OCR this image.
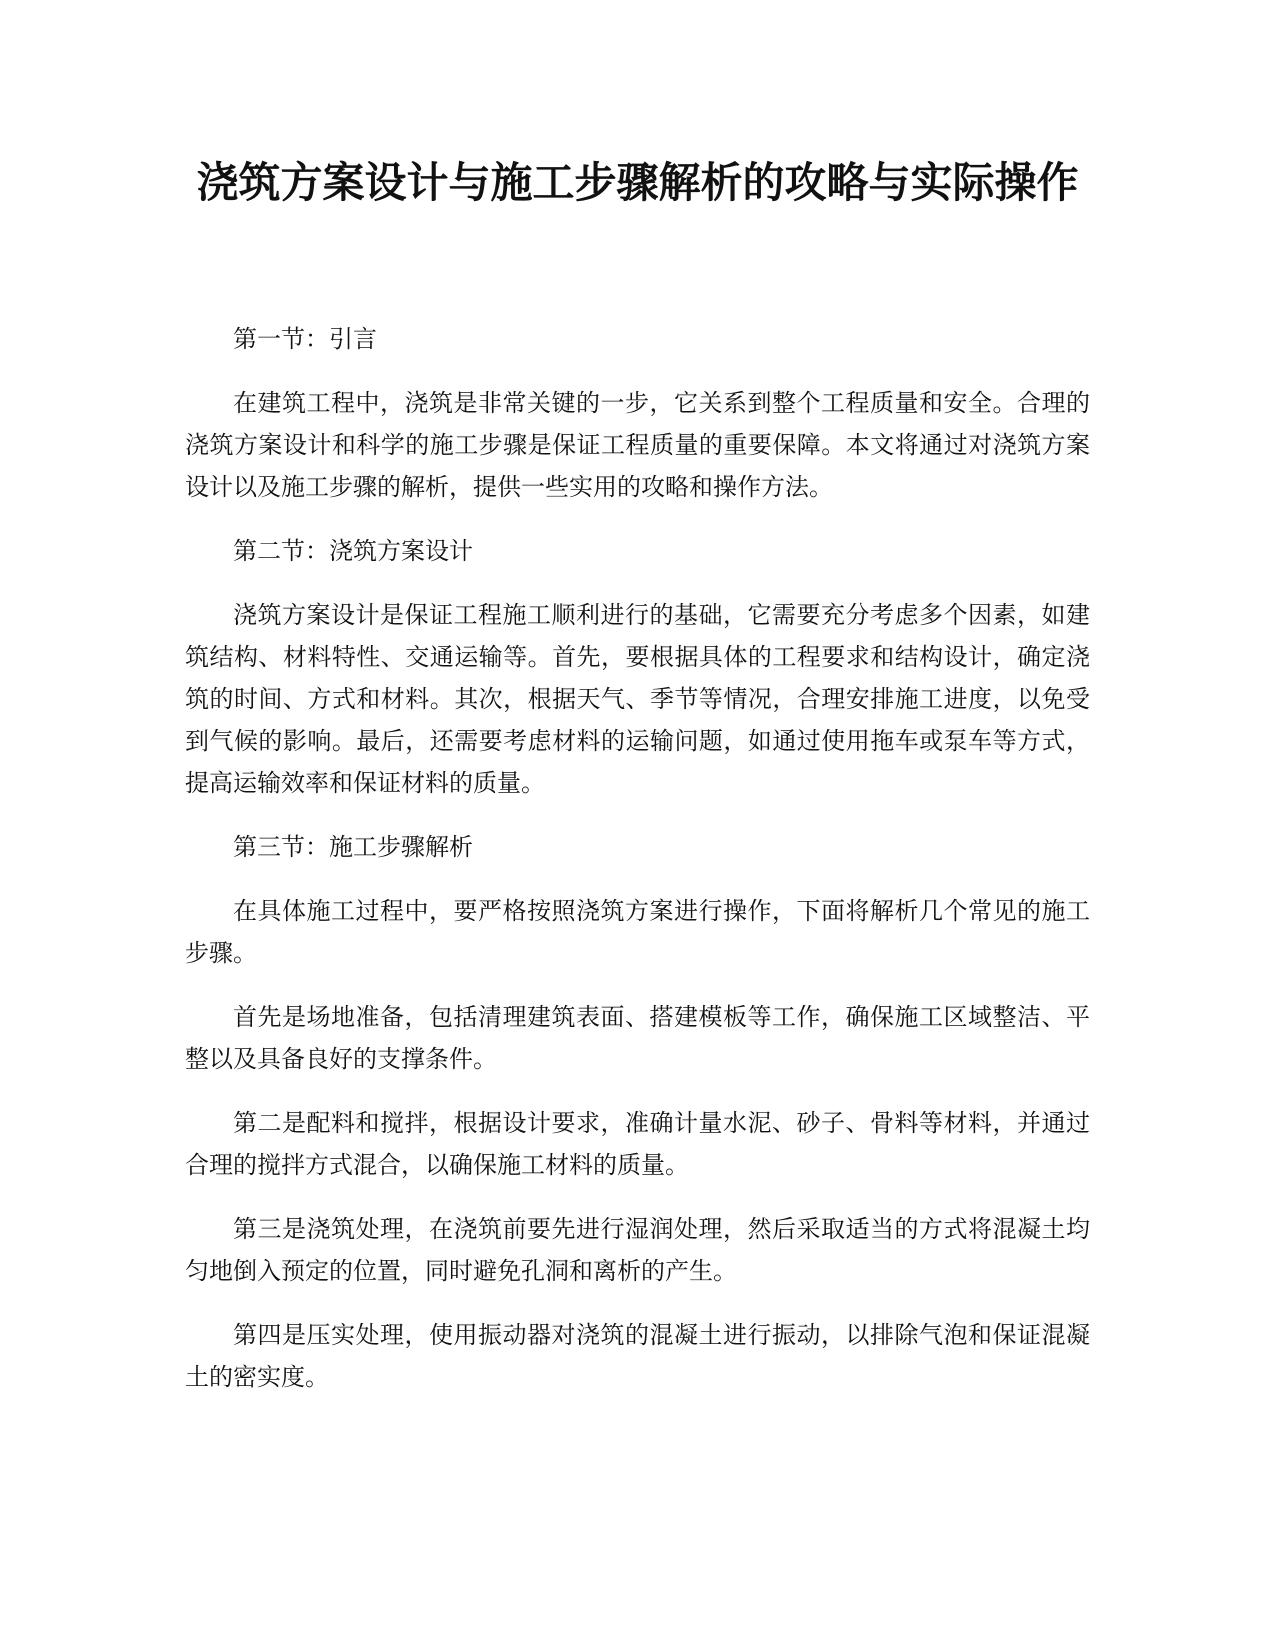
浇筑方案设计与施工步骤解析的攻略与实际操作

第一节：引言

在建筑工程中，浇筑是非常关键的一步，它关系到整个工程质量和安全。合理的浇筑方案设计和科学的施工步骤是保证工程质量的重要保障。本文将通过对浇筑方案设计以及施工步骤的解析，提供一些实用的攻略和操作方法。

第二节：浇筑方案设计

浇筑方案设计是保证工程施工顺利进行的基础，它需要充分考虑多个因素，如建筑结构、材料特性、交通运输等。首先，要根据具体的工程要求和结构设计，确定浇筑的时间、方式和材料。其次，根据天气、季节等情况，合理安排施工进度，以免受到气候的影响。最后，还需要考虑材料的运输问题，如通过使用拖车或泵车等方式，提高运输效率和保证材料的质量。

第三节：施工步骤解析

在具体施工过程中，要严格按照浇筑方案进行操作，下面将解析几个常见的施工步骤。

首先是场地准备，包括清理建筑表面、搭建模板等工作，确保施工区域整洁、平整以及具备良好的支撑条件。

第二是配料和搅拌，根据设计要求，准确计量水泥、砂子、骨料等材料，并通过合理的搅拌方式混合，以确保施工材料的质量。

第三是浇筑处理，在浇筑前要先进行湿润处理，然后采取适当的方式将混凝土均匀地倒入预定的位置，同时避免孔洞和离析的产生。

第四是压实处理，使用振动器对浇筑的混凝土进行振动，以排除气泡和保证混凝土的密实度。
